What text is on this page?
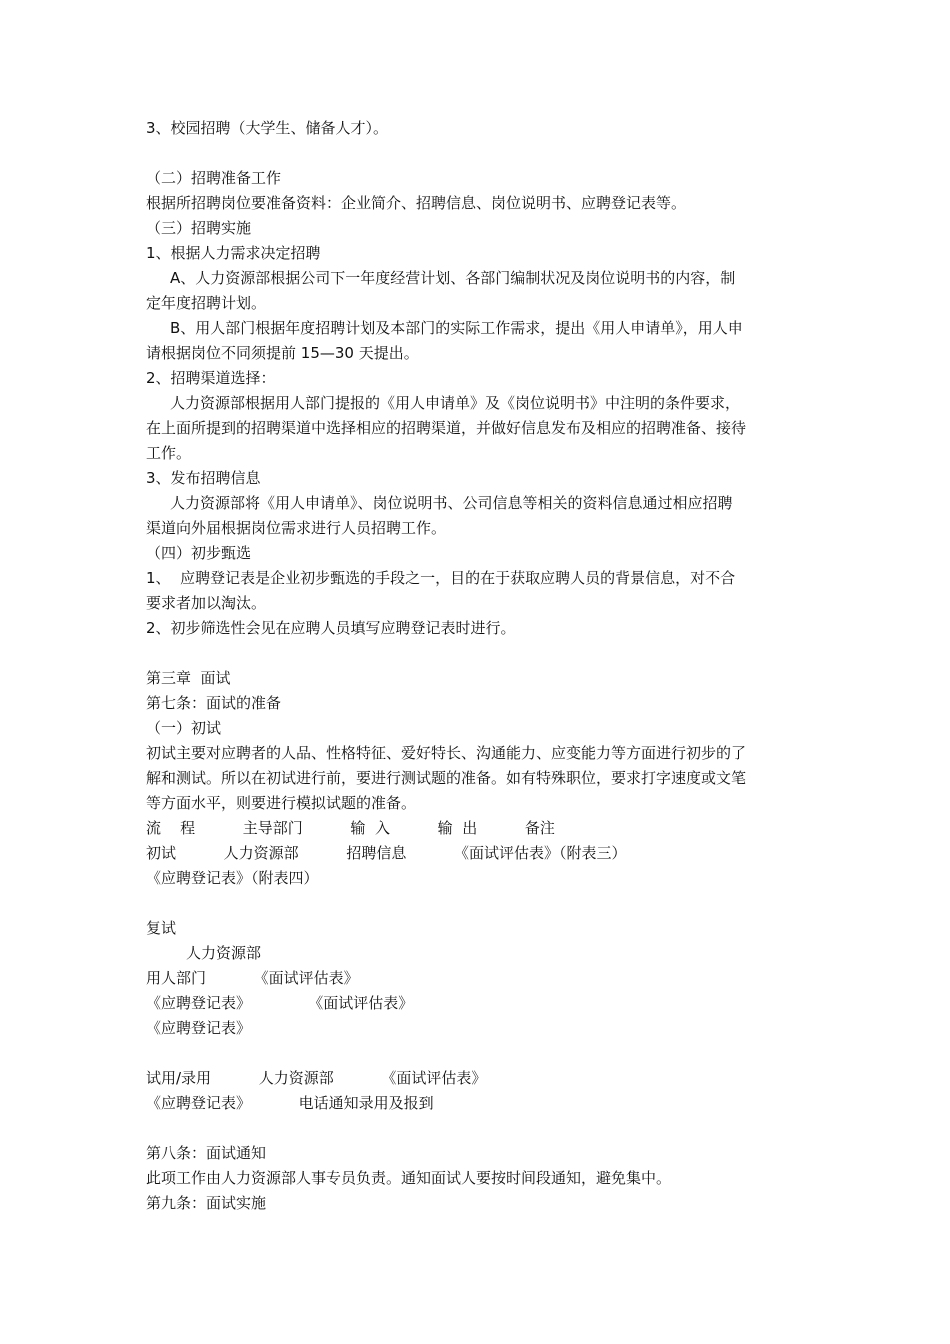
3、校园招聘（大学生、储备人才）。
（二）招聘准备工作
根据所招聘岗位要准备资料：企业简介、招聘信息、岗位说明书、应聘登记表等。
（三）招聘实施
1、根据人力需求决定招聘
A、人力资源部根据公司下一年度经营计划、各部门编制状况及岗位说明书的内容，制
定年度招聘计划。
B、用人部门根据年度招聘计划及本部门的实际工作需求，提出《用人申请单》，用人申
请根据岗位不同须提前 15—30 天提出。
2、招聘渠道选择：
人力资源部根据用人部门提报的《用人申请单》及《岗位说明书》中注明的条件要求，
在上面所提到的招聘渠道中选择相应的招聘渠道，并做好信息发布及相应的招聘准备、接待
工作。
3、发布招聘信息
人力资源部将《用人申请单》、岗位说明书、公司信息等相关的资料信息通过相应招聘
渠道向外届根据岗位需求进行人员招聘工作。
（四）初步甄选
1、  应聘登记表是企业初步甄选的手段之一，目的在于获取应聘人员的背景信息，对不合
要求者加以淘汰。
2、初步筛选性会见在应聘人员填写应聘登记表时进行。
第三章  面试
第七条：面试的准备
（一）初试
初试主要对应聘者的人品、性格特征、爱好特长、沟通能力、应变能力等方面进行初步的了
解和测试。所以在初试进行前，要进行测试题的准备。如有特殊职位，要求打字速度或文笔
等方面水平，则要进行模拟试题的准备。
流    程          主导部门          输  入          输  出          备注
初试          人力资源部          招聘信息          《面试评估表》（附表三）
《应聘登记表》（附表四）
复试
人力资源部
用人部门          《面试评估表》
《应聘登记表》            《面试评估表》
《应聘登记表》
试用/录用          人力资源部          《面试评估表》
《应聘登记表》          电话通知录用及报到
第八条：面试通知
此项工作由人力资源部人事专员负责。通知面试人要按时间段通知，避免集中。
第九条：面试实施
